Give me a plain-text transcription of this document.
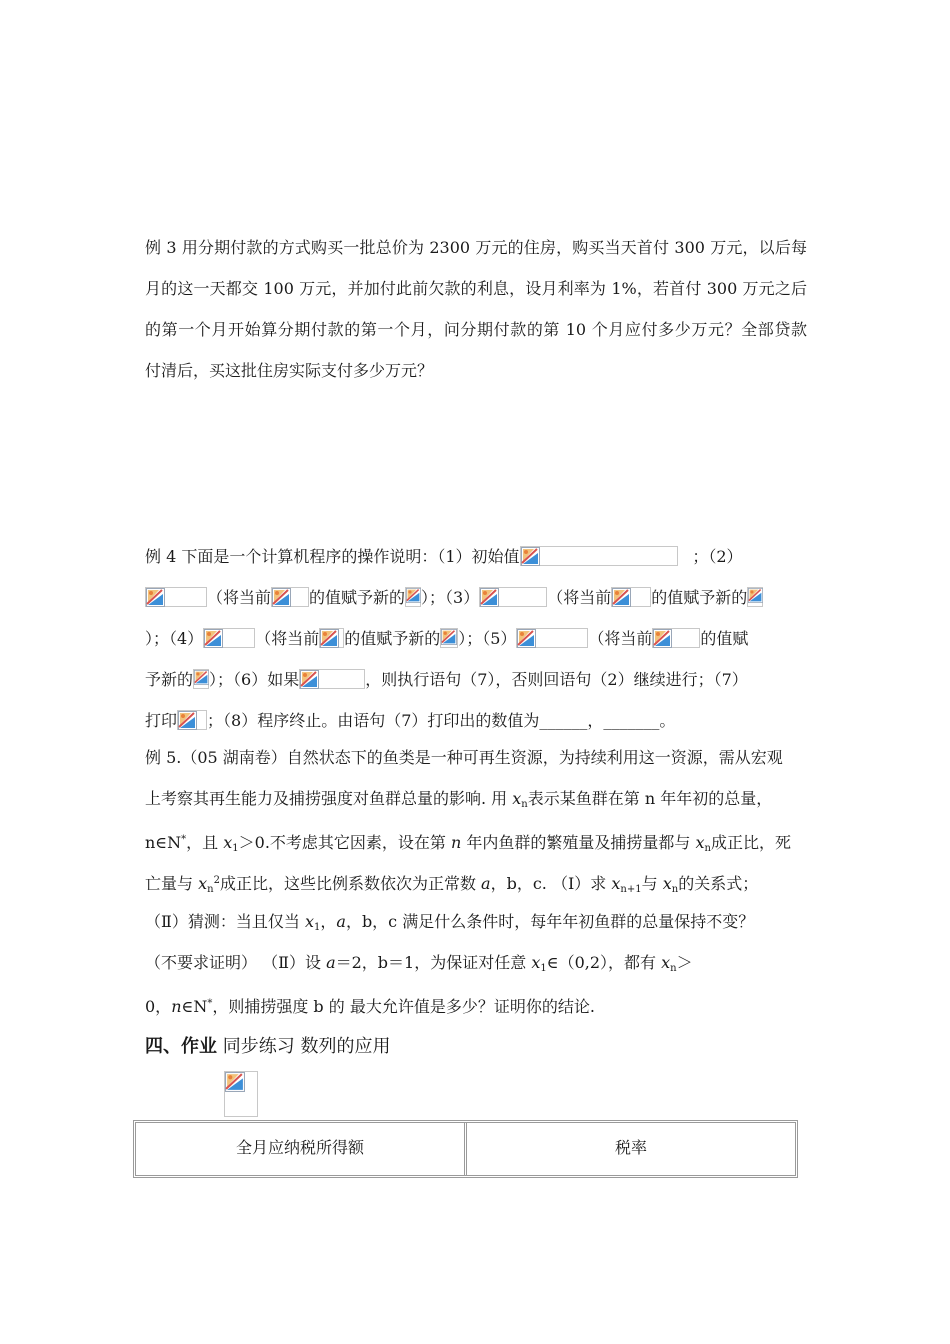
例 3 用分期付款的方式购买一批总价为 2300 万元的住房，购买当天首付 300 万元，以后每
月的这一天都交 100 万元，并加付此前欠款的利息，设月利率为 1%，若首付 300 万元之后
的第一个月开始算分期付款的第一个月，问分期付款的第 10 个月应付多少万元？全部贷款
付清后，买这批住房实际支付多少万元？
例 4 下面是一个计算机程序的操作说明：（1）初始值	；（2）
（将当前 的值赋予新的 ）；（3）	（将当前	的值赋予新的
）；（4）	（将当前 的值赋予新的 ）；（5）	（将当前	的值赋
予新的 ）；（6）如果	，则执行语句（7），否则回语句（2）继续进行；（7）
打印 ；（8）程序终止。由语句（7）打印出的数值为______，_______。
例 5.（05 湖南卷）自然状态下的鱼类是一种可再生资源，为持续利用这一资源，需从宏观
上考察其再生能力及捕捞强度对鱼群总量的影响. 用 $x_n$表示某鱼群在第 n 年年初的总量，
n∈N*，且 $x_1>0$.不考虑其它因素，设在第 n 年内鱼群的繁殖量及捕捞量都与 $x_n$成正比，死
亡量与 $x_n^2$成正比，这些比例系数依次为正常数 a，b，c. （Ⅰ）求 $x_{n+1}$与 $x_n$的关系式；
（Ⅱ）猜测：当且仅当 $x_1$，a，b，c 满足什么条件时，每年年初鱼群的总量保持不变？
（不要求证明） （Ⅱ）设 a＝2，b＝1，为保证对任意 $x_1\in(0,2)$，都有 $x_n>$
0，n∈N*，则捕捞强度 b 的 最大允许值是多少？证明你的结论.
四、作业 同步练习 数列的应用
全月应纳税所得额	税率
